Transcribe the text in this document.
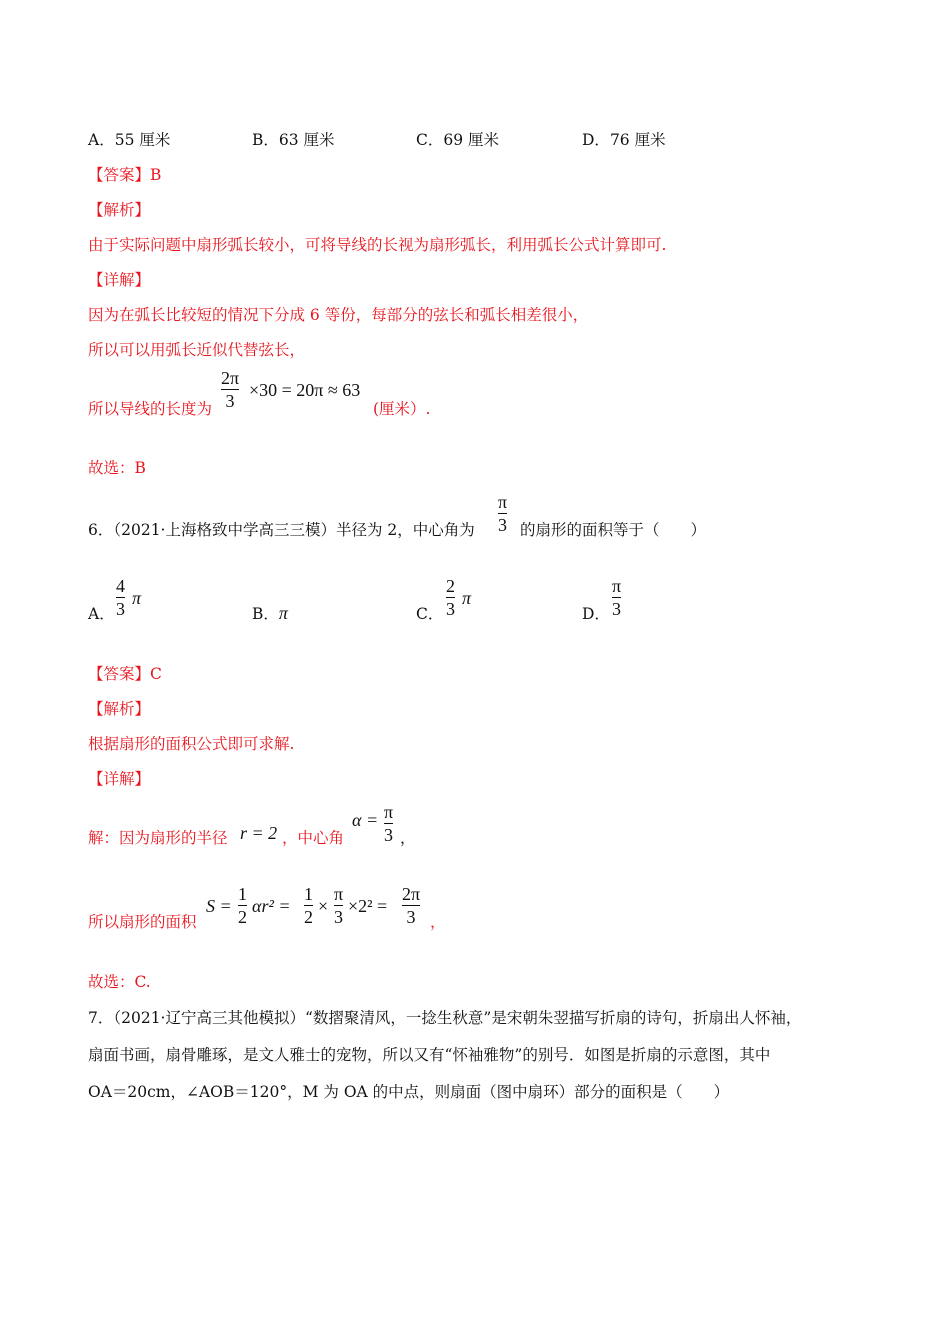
A．55 厘米	B．63 厘米	C．69 厘米	D．76 厘米
【答案】B
【解析】
由于实际问题中扇形弧长较小，可将导线的长视为扇形弧长，利用弧长公式计算即可.
【详解】
因为在弧长比较短的情况下分成 6 等份，每部分的弦长和弧长相差很小，
所以可以用弧长近似代替弦长，
所以导线的长度为
2π
3
×30 = 20π ≈ 63
(厘米）.
故选：B
6．（2021·上海格致中学高三三模）半径为 2，中心角为
π
3 的扇形的面积等于（　　）
A．
4
3
π
B．π	C．
2
3
π
D．
π
3
【答案】C
【解析】
根据扇形的面积公式即可求解.
【详解】
解：因为扇形的半径 r = 2 ，中心角
α = π
3 ，
所以扇形的面积
S =
1
2
αr² =
1
2
×
π
3
×2² =
2π
3 ，
故选：C.
7．（2021·辽宁高三其他模拟）“数摺聚清风，一捻生秋意”是宋朝朱翌描写折扇的诗句，折扇出人怀袖，
扇面书画，扇骨雕琢，是文人雅士的宠物，所以又有“怀袖雅物”的别号．如图是折扇的示意图，其中
OA＝20cm，∠AOB＝120°，M 为 OA 的中点，则扇面（图中扇环）部分的面积是（　　）
